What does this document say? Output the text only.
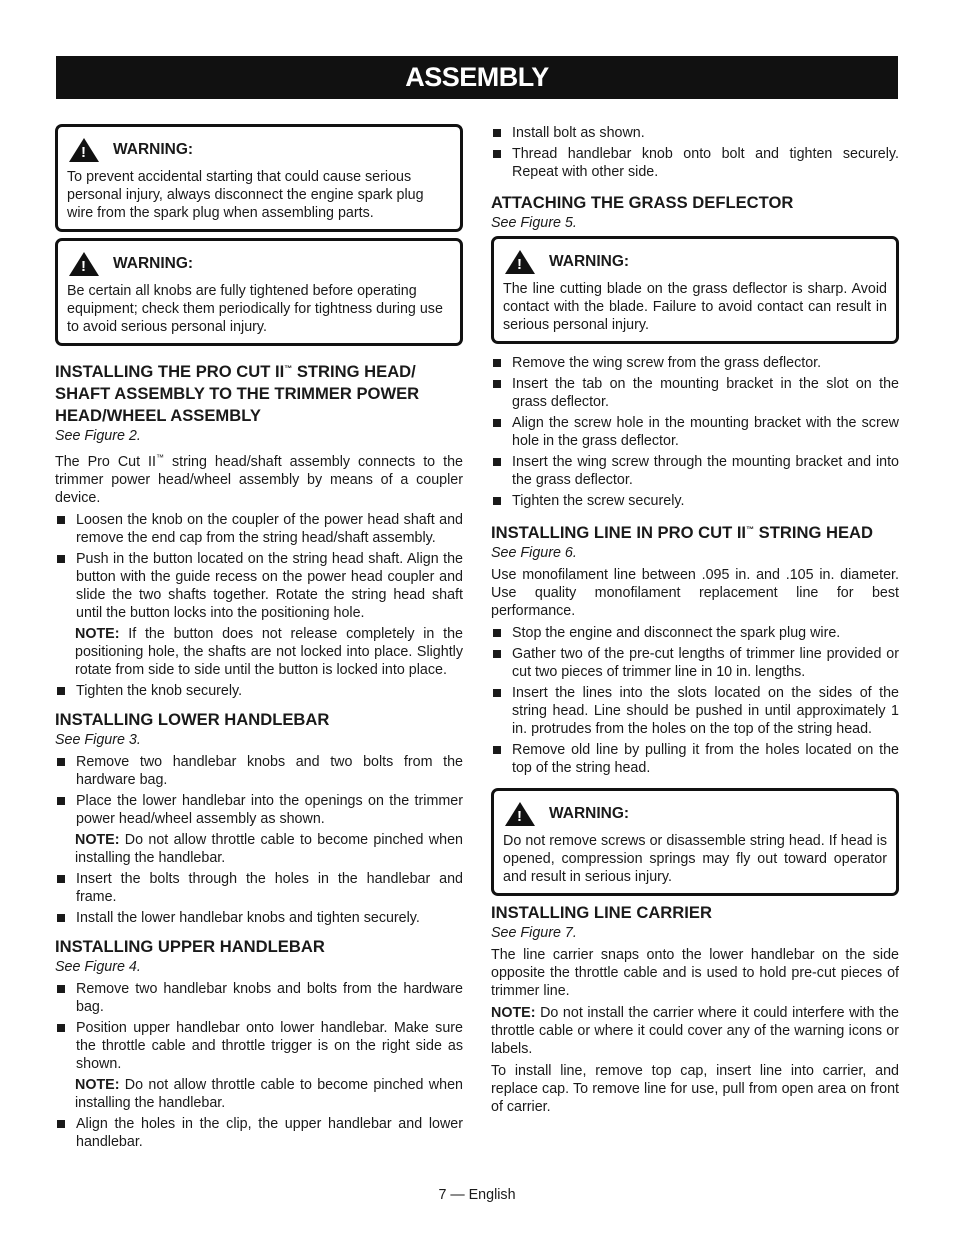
ASSEMBLY
!
WARNING:
To prevent accidental starting that could cause serious personal injury, always disconnect the engine spark plug wire from the spark plug when assembling parts.
!
WARNING:
Be certain all knobs are fully tightened before operating equipment; check them periodically for tightness during use to avoid serious personal injury.
INSTALLING THE PRO CUT II™ STRING HEAD/ SHAFT ASSEMBLY TO THE TRIMMER POWER HEAD/WHEEL ASSEMBLY
See Figure 2.

The Pro Cut II™ string head/shaft assembly connects to the trimmer power head/wheel assembly by means of a coupler device.

Loosen the knob on the coupler of the power head shaft and remove the end cap from the string head/shaft assembly.
Push in the button located on the string head shaft. Align the button with the guide recess on the power head coupler and slide the two shafts together. Rotate the string head shaft until the button locks into the positioning hole.
NOTE: If the button does not release completely in the positioning hole, the shafts are not locked into place. Slightly rotate from side to side until the button is locked into place.
Tighten the knob securely.
INSTALLING LOWER HANDLEBAR
See Figure 3.
Remove two handlebar knobs and two bolts from the hardware bag.
Place the lower handlebar into the openings on the trimmer power head/wheel assembly as shown.
NOTE: Do not allow throttle cable to become pinched when installing the handlebar.
Insert the bolts through the holes in the handlebar and frame.
Install the lower handlebar knobs and tighten securely.
INSTALLING UPPER HANDLEBAR
See Figure 4.
Remove two handlebar knobs and bolts from the hardware bag.
Position upper handlebar onto lower handlebar. Make sure the throttle cable and throttle trigger is on the right side as shown.
NOTE: Do not allow throttle cable to become pinched when installing the handlebar.
Align the holes in the clip, the upper handlebar and lower handlebar.
Install bolt as shown.
Thread handlebar knob onto bolt and tighten securely. Repeat with other side.
ATTACHING THE GRASS DEFLECTOR
See Figure 5.
!
WARNING:
The line cutting blade on the grass deflector is sharp. Avoid contact with the blade. Failure to avoid contact can result in serious personal injury.
Remove the wing screw from the grass deflector.
Insert the tab on the mounting bracket in the slot on the grass deflector.
Align the screw hole in the mounting bracket with the screw hole in the grass deflector.
Insert the wing screw through the mounting bracket and into the grass deflector.
Tighten the screw securely.
INSTALLING LINE IN PRO CUT II™ STRING HEAD
See Figure 6.

Use monofilament line between .095 in. and .105 in. diameter. Use quality monofilament replacement line for best performance.

Stop the engine and disconnect the spark plug wire.
Gather two of the pre-cut lengths of trimmer line provided or cut two pieces of trimmer line in 10 in. lengths.
Insert the lines into the slots located on the sides of the string head. Line should be pushed in until approximately 1 in. protrudes from the holes on the top of the string head.
Remove old line by pulling it from the holes located on the top of the string head.
!
WARNING:
Do not remove screws or disassemble string head. If head is opened, compression springs may fly out toward operator and result in serious injury.
INSTALLING LINE CARRIER
See Figure 7.

The line carrier snaps onto the lower handlebar on the side opposite the throttle cable and is used to hold pre-cut pieces of trimmer line.

NOTE: Do not install the carrier where it could interfere with the throttle cable or where it could cover any of the warning icons or labels.

To install line, remove top cap, insert line into carrier, and replace cap. To remove line for use, pull from open area on front of carrier.

7 — English
